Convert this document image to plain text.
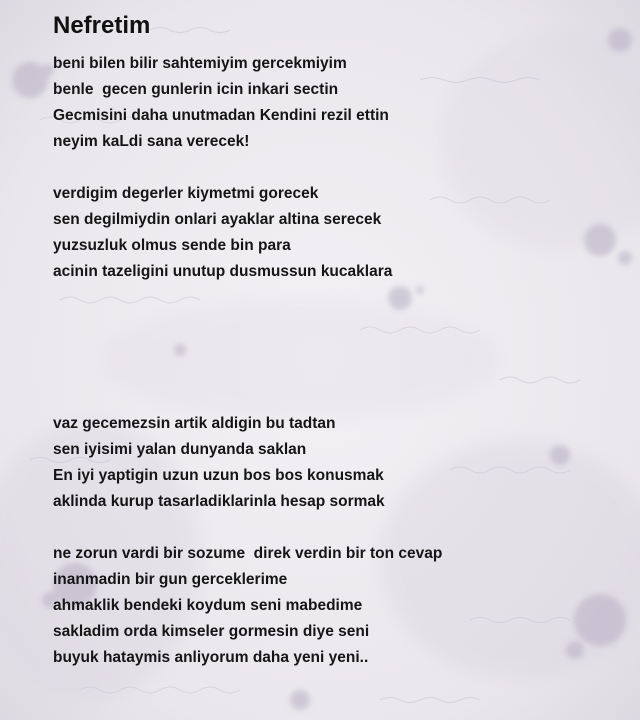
Nefretim
beni bilen bilir sahtemiyim gercekmiyim
benle  gecen gunlerin icin inkari sectin
Gecmisini daha unutmadan Kendini rezil ettin
neyim kaLdi sana verecek!
verdigim degerler kiymetmi gorecek
sen degilmiydin onlari ayaklar altina serecek
yuzsuzluk olmus sende bin para
acinin tazeligini unutup dusmussun kucaklara
vaz gecemezsin artik aldigin bu tadtan
sen iyisimi yalan dunyanda saklan
En iyi yaptigin uzun uzun bos bos konusmak
aklinda kurup tasarladiklarinla hesap sormak
ne zorun vardi bir sozume  direk verdin bir ton cevap
inanmadin bir gun gerceklerime
ahmaklik bendeki koydum seni mabedime
sakladim orda kimseler gormesin diye seni
buyuk hataymis anliyorum daha yeni yeni..
